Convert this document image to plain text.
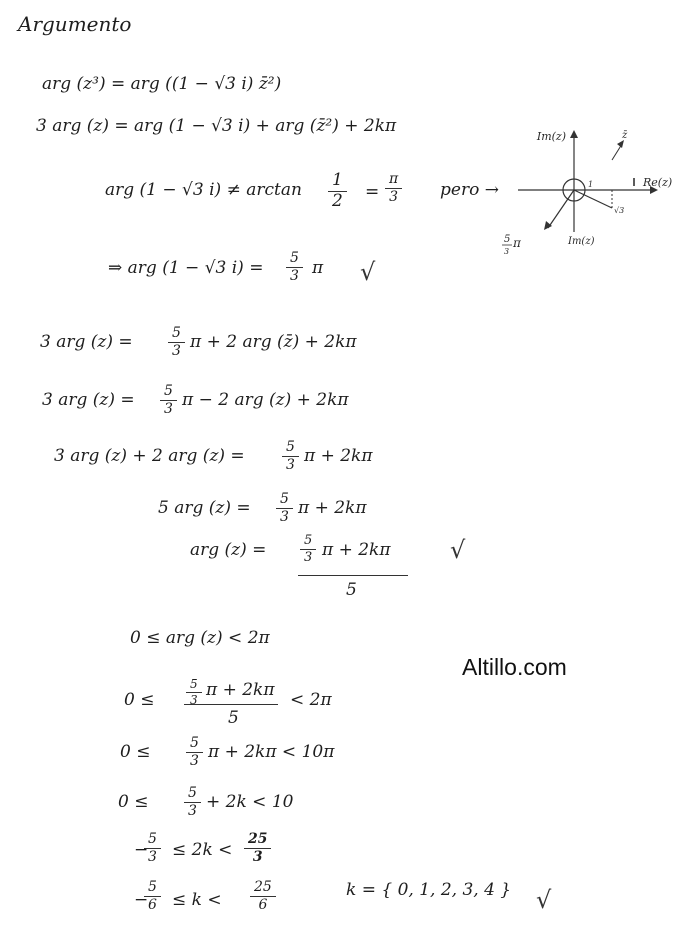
Argumento
arg (z³) = arg ((1 − √3 i) z̄²)
3 arg (z) = arg (1 − √3 i) + arg (z̄²) + 2kπ
arg (1 − √3 $i) \ne \arctan \frac{1}{2} = \frac{\pi}{3}$ pero →
⇒ arg (1 − √3 $i) = \frac{5}{3}$ π √
Im(z)
Re(z)
Im(z)
z̄
√3
1
5
3
π
3 arg (z) =	$\frac{5}{3}$ π + 2 arg (z̄) + 2kπ
3 arg $(z) = \frac{5}{3}$ π − 2 arg (z) + 2kπ
3 arg (z) + 2 arg (z) =	$\frac{5}{3}$ π + 2kπ
5 arg $(z) = \frac{5}{3}$ π + 2kπ
arg (z) =	$\frac{5}{3}$ π + 2kπ
5
√
0 ≤ arg (z) < 2π
0 ≤	$\frac{5}{3}$ π + 2kπ
5
< 2π
0 ≤	$\frac{5}{3}$ π + 2kπ < 10π
0 ≤	$\frac{5}{3} + 2k < 10$
−
$\frac{5}{3} \le 2k < \frac{25}{3}$
−
$\frac{5}{6} \le k < \frac{25}{6}$	k = { 0, 1, 2, 3, 4 } √
Altillo.com
